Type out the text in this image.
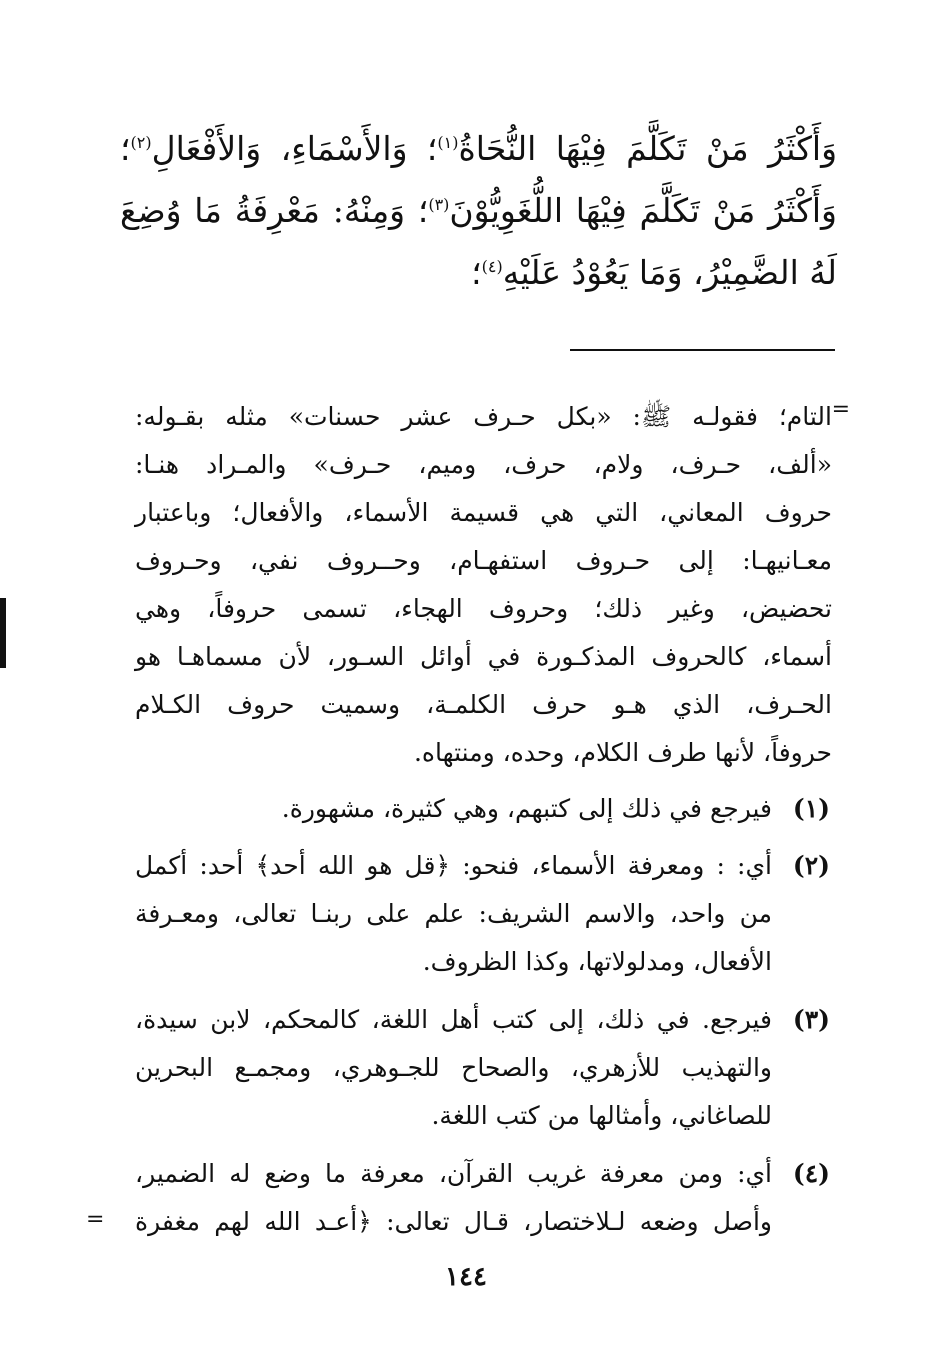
وَأَكْثَرُ مَنْ تَكَلَّمَ فِيْهَا النُّحَاةُ$^{(١)}$؛ وَالأَسْمَاءِ، وَالأَفْعَالِ$^{(٢)}$؛
وَأَكْثَرُ مَنْ تَكَلَّمَ فِيْهَا اللُّغَوِيُّوْنَ$^{(٣)}$؛ وَمِنْهُ: مَعْرِفَةُ مَا وُضِعَ
لَهُ الضَّمِيْرُ، وَمَا يَعُوْدُ عَلَيْهِ$^{(٤)}$؛
=
التام؛ فقولـه ﷺ: «بكل حـرف عشر حسنات» مثله بقـوله:
«ألف، حـرف، ولام، حرف، وميم، حـرف» والمـراد هنـا:
حروف المعاني، التي هي قسيمة الأسماء، والأفعال؛ وباعتبار
معـانيهـا: إلى حـروف استفهـام، وحــروف نفي، وحـروف
تحضيض، وغير ذلك؛ وحروف الهجاء، تسمى حروفاً، وهي
أسماء، كالحروف المذكـورة في أوائل السـور، لأن مسماهـا هو
الحـرف، الذي هـو حرف الكلمـة، وسميت حروف الكـلام
حروفاً، لأنها طرف الكلام، وحده، ومنتهاه.
(١)
فيرجع في ذلك إلى كتبهم، وهي كثيرة، مشهورة.
(٢)
أي: : ومعرفة الأسماء، فنحو: ﴿قل هو الله أحد﴾ أحد: أكمل
من واحد، والاسم الشريف: علم على ربنـا تعالى، ومعـرفة
الأفعال، ومدلولاتها، وكذا الظروف.
(٣)
فيرجع. في ذلك، إلى كتب أهل اللغة، كالمحكم، لابن سيدة،
والتهذيب للأزهري، والصحاح للجـوهري، ومجمـع البحرين
للصاغاني، وأمثالها من كتب اللغة.
(٤)
أي: ومن معرفة غريب القرآن، معرفة ما وضع له الضمير،
وأصل وضعه لـلاختصار، قـال تعالى: ﴿أعـد الله لهم مغفرة
=
١٤٤
